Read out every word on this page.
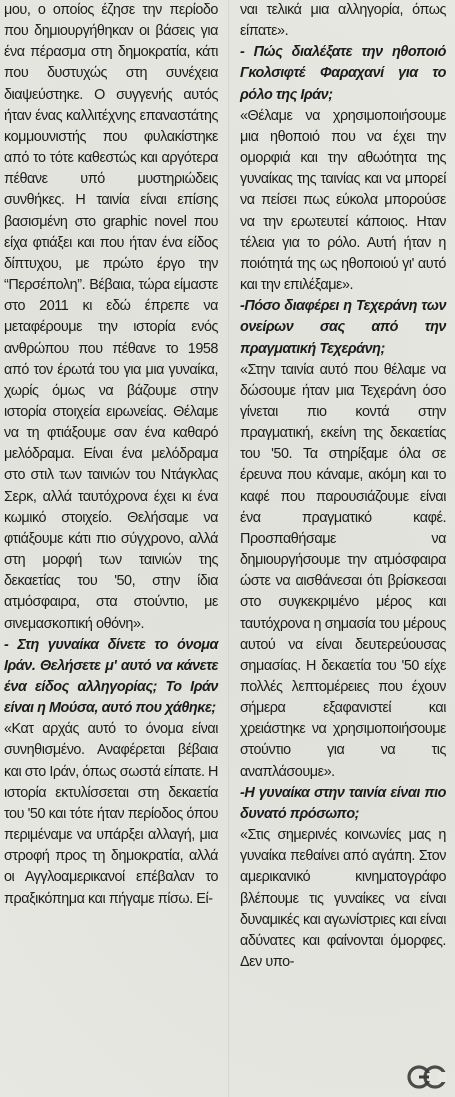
μου, ο οποίος έζησε την περίοδο που δημιουργήθηκαν οι βάσεις για ένα πέρασμα στη δημοκρατία, κάτι που δυστυχώς στη συνέχεια διαψεύστηκε. Ο συγγενής αυτός ήταν ένας καλλιτέχνης επαναστάτης κομμουνιστής που φυλακίστηκε από το τότε καθεστώς και αργότερα πέθανε υπό μυστηριώδεις συνθήκες. Η ταινία είναι επίσης βασισμένη στο graphic novel που είχα φτιάξει και που ήταν ένα είδος δίπτυχου, με πρώτο έργο την “Περσέπολη”. Βέβαια, τώρα είμαστε στο 2011 κι εδώ έπρεπε να μεταφέρουμε την ιστορία ενός ανθρώπου που πέθανε το 1958 από τον έρωτά του για μια γυναίκα, χωρίς όμως να βάζουμε στην ιστορία στοιχεία ειρωνείας. Θέλαμε να τη φτιάξουμε σαν ένα καθαρό μελόδραμα. Είναι ένα μελόδραμα στο στιλ των ταινιών του Ντάγκλας Σερκ, αλλά ταυτόχρονα έχει κι ένα κωμικό στοιχείο. Θελήσαμε να φτιάξουμε κάτι πιο σύγχρονο, αλλά στη μορφή των ταινιών της δεκαετίας του '50, στην ίδια ατμόσφαιρα, στα στούντιο, με σινεμασκοπική οθόνη».

- Στη γυναίκα δίνετε το όνομα Ιράν. Θελήσετε μ' αυτό να κάνετε ένα είδος αλληγορίας; Το Ιράν είναι η Μούσα, αυτό που χάθηκε;

«Κατ αρχάς αυτό το όνομα είναι συνηθισμένο. Αναφέρεται βέβαια και στο Ιράν, όπως σωστά είπατε. Η ιστορία εκτυλίσσεται στη δεκαετία του '50 και τότε ήταν περίοδος όπου περιμέναμε να υπάρξει αλλαγή, μια στροφή προς τη δημοκρατία, αλλά οι Αγγλοαμερικανοί επέβαλαν το πραξικόπημα και πήγαμε πίσω. Εί-

ναι τελικά μια αλληγορία, όπως είπατε».

- Πώς διαλέξατε την ηθοποιό Γκολσιφτέ Φαραχανί για το ρόλο της Ιράν;

«Θέλαμε να χρησιμοποιήσουμε μια ηθοποιό που να έχει την ομορφιά και την αθωότητα της γυναίκας της ταινίας και να μπορεί να πείσει πως εύκολα μπορούσε να την ερωτευτεί κάποιος. Ηταν τέλεια για το ρόλο. Αυτή ήταν η ποιότητά της ως ηθοποιού γι' αυτό και την επιλέξαμε».

-Πόσο διαφέρει η Τεχεράνη των ονείρων σας από την πραγματική Τεχεράνη;

«Στην ταινία αυτό που θέλαμε να δώσουμε ήταν μια Τεχεράνη όσο γίνεται πιο κοντά στην πραγματική, εκείνη της δεκαετίας του '50. Τα στηρίξαμε όλα σε έρευνα που κάναμε, ακόμη και το καφέ που παρουσιάζουμε είναι ένα πραγματικό καφέ. Προσπαθήσαμε να δημιουργήσουμε την ατμόσφαιρα ώστε να αισθάνεσαι ότι βρίσκεσαι στο συγκεκριμένο μέρος και ταυτόχρονα η σημασία του μέρους αυτού να είναι δευτερεύουσας σημασίας. Η δεκαετία του '50 είχε πολλές λεπτομέρειες που έχουν σήμερα εξαφανιστεί και χρειάστηκε να χρησιμοποιήσουμε στούντιο για να τις αναπλάσουμε».

-Η γυναίκα στην ταινία είναι πιο δυνατό πρόσωπο;

«Στις σημερινές κοινωνίες μας η γυναίκα πεθαίνει από αγάπη. Στον αμερικανικό κινηματογράφο βλέπουμε τις γυναίκες να είναι δυναμικές και αγωνίστριες και είναι αδύνατες και φαίνονται όμορφες. Δεν υπο-
